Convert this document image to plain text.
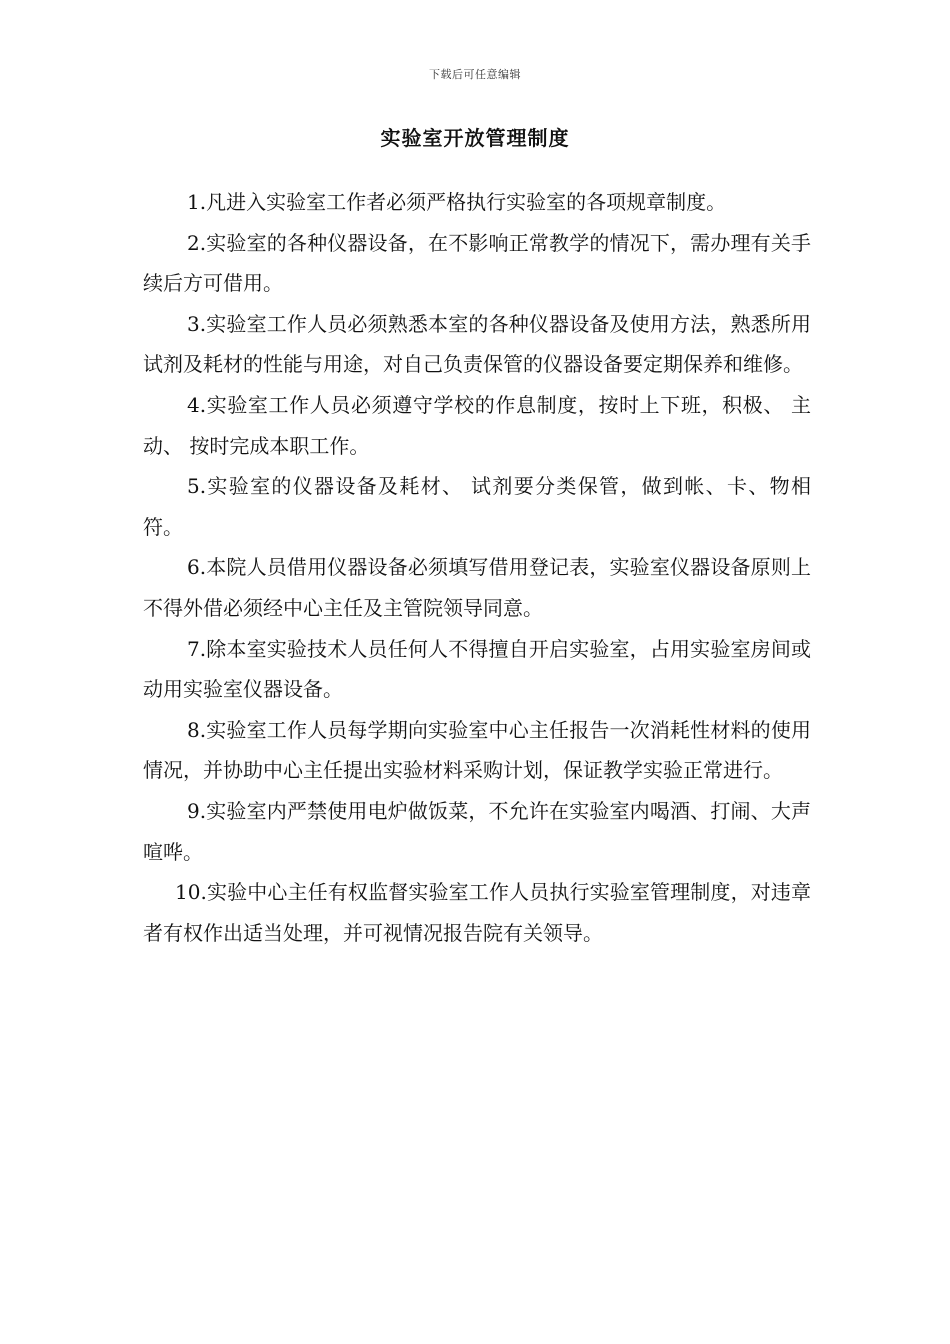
下载后可任意编辑
实验室开放管理制度
1.凡进入实验室工作者必须严格执行实验室的各项规章制度。
2.实验室的各种仪器设备，在不影响正常教学的情况下，需办理有关手续后方可借用。
3.实验室工作人员必须熟悉本室的各种仪器设备及使用方法，熟悉所用试剂及耗材的性能与用途，对自己负责保管的仪器设备要定期保养和维修。
4.实验室工作人员必须遵守学校的作息制度，按时上下班，积极、 主动、 按时完成本职工作。
5.实验室的仪器设备及耗材、 试剂要分类保管，做到帐、卡、物相符。
6.本院人员借用仪器设备必须填写借用登记表，实验室仪器设备原则上不得外借必须经中心主任及主管院领导同意。
7.除本室实验技术人员任何人不得擅自开启实验室，占用实验室房间或动用实验室仪器设备。
8.实验室工作人员每学期向实验室中心主任报告一次消耗性材料的使用情况，并协助中心主任提出实验材料采购计划，保证教学实验正常进行。
9.实验室内严禁使用电炉做饭菜，不允许在实验室内喝酒、打闹、大声喧哗。
10.实验中心主任有权监督实验室工作人员执行实验室管理制度，对违章者有权作出适当处理，并可视情况报告院有关领导。
